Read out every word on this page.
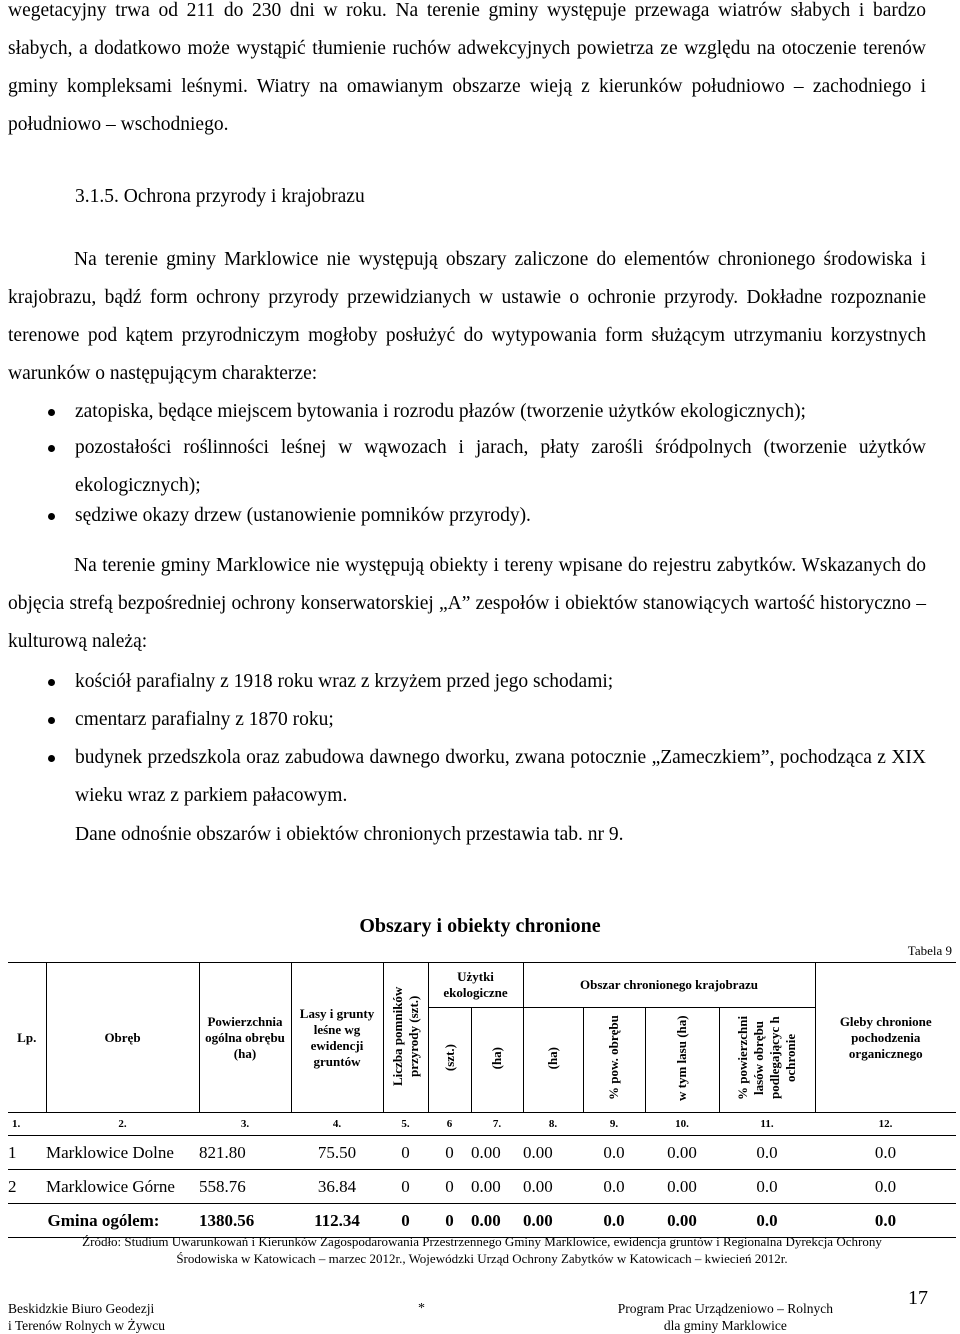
wegetacyjny trwa od 211 do 230 dni w roku. Na terenie gminy występuje przewaga wiatrów słabych i bardzo słabych, a dodatkowo może wystąpić tłumienie ruchów adwekcyjnych powietrza ze względu na otoczenie terenów gminy kompleksami leśnymi. Wiatry na omawianym obszarze wieją z kierunków południowo – zachodniego i południowo – wschodniego.

3.1.5. Ochrona przyrody i krajobrazu

Na terenie gminy Marklowice nie występują obszary zaliczone do elementów chronionego środowiska i krajobrazu, bądź form ochrony przyrody przewidzianych w ustawie o ochronie przyrody. Dokładne rozpoznanie terenowe pod kątem przyrodniczym mogłoby posłużyć do wytypowania form służącym utrzymaniu korzystnych warunków o następującym charakterze:

zatopiska, będące miejscem bytowania i rozrodu płazów (tworzenie użytków ekologicznych);
pozostałości roślinności leśnej w wąwozach i jarach, płaty zarośli śródpolnych (tworzenie użytków ekologicznych);
sędziwe okazy drzew (ustanowienie pomników przyrody).

Na terenie gminy Marklowice nie występują obiekty i tereny wpisane do rejestru zabytków. Wskazanych do objęcia strefą bezpośredniej ochrony konserwatorskiej „A” zespołów i obiektów stanowiących wartość historyczno – kulturową należą:

kościół parafialny z 1918 roku wraz z krzyżem przed jego schodami;
cmentarz parafialny z 1870 roku;
budynek przedszkola oraz zabudowa dawnego dworku, zwana potocznie „Zameczkiem”, pochodząca z XIX wieku wraz z parkiem pałacowym.

Dane odnośnie obszarów i obiektów chronionych przestawia tab. nr 9.

Obszary i obiekty chronione

Tabela 9

Lp.	Obręb	Powierzchnia ogólna obrębu (ha)	Lasy i grunty leśne wg ewidencji gruntów	Liczba pomników przyrody (szt.)	Użytki ekologiczne		Obszar chronionego krajobrazu				Gleby chronione pochodzenia organicznego
					(szt.)	(ha)	(ha)	% pow. obrębu	w tym lasu (ha)	% powierzchni lasów obrębu podlegającyc h ochronie	
1.	2.	3.	4.	5.	6	7.	8.	9.	10.	11.	12.
1	Marklowice Dolne	821.80	75.50	0	0	0.00	0.00	0.0	0.00	0.0	0.0
2	Marklowice Górne	558.76	36.84	0	0	0.00	0.00	0.0	0.00	0.0	0.0
Gmina ogólem:		1380.56	112.34	0	0	0.00	0.00	0.0	0.00	0.0	0.0
Źródło: Studium Uwarunkowań i Kierunków Zagospodarowania Przestrzennego Gminy Marklowice, ewidencja gruntów i Regionalna Dyrekcja Ochrony
Środowiska w Katowicach – marzec 2012r., Wojewódzki Urząd Ochrony Zabytków w Katowicach – kwiecień 2012r.
Beskidzkie Biuro Geodezji
i Terenów Rolnych w Żywcu
*	Program Prac Urządzeniowo – Rolnych
dla gminy Marklowice
17
